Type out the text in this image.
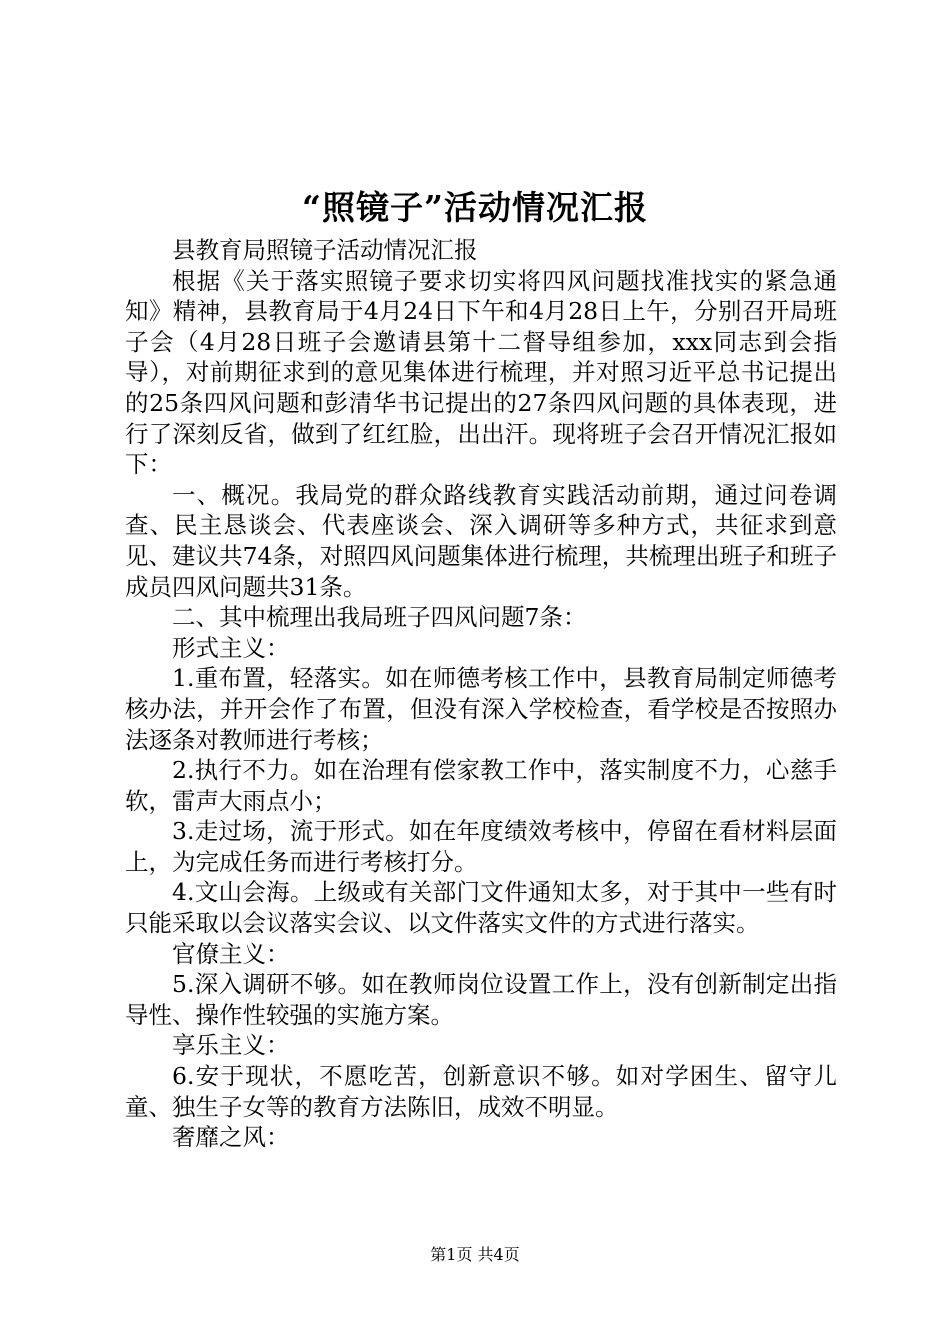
“照镜子”活动情况汇报

县教育局照镜子活动情况汇报

根据《关于落实照镜子要求切实将四风问题找准找实的紧急通知》精神，县教育局于4月24日下午和4月28日上午，分别召开局班子会（4月28日班子会邀请县第十二督导组参加，xxx同志到会指导），对前期征求到的意见集体进行梳理，并对照习近平总书记提出的25条四风问题和彭清华书记提出的27条四风问题的具体表现，进行了深刻反省，做到了红红脸，出出汗。现将班子会召开情况汇报如下：

一、概况。我局党的群众路线教育实践活动前期，通过问卷调查、民主恳谈会、代表座谈会、深入调研等多种方式，共征求到意见、建议共74条，对照四风问题集体进行梳理，共梳理出班子和班子成员四风问题共31条。

二、其中梳理出我局班子四风问题7条：

形式主义：

1.重布置，轻落实。如在师德考核工作中，县教育局制定师德考核办法，并开会作了布置，但没有深入学校检查，看学校是否按照办法逐条对教师进行考核；

2.执行不力。如在治理有偿家教工作中，落实制度不力，心慈手软，雷声大雨点小；

3.走过场，流于形式。如在年度绩效考核中，停留在看材料层面上，为完成任务而进行考核打分。

4.文山会海。上级或有关部门文件通知太多，对于其中一些有时只能采取以会议落实会议、以文件落实文件的方式进行落实。

官僚主义：

5.深入调研不够。如在教师岗位设置工作上，没有创新制定出指导性、操作性较强的实施方案。

享乐主义：

6.安于现状，不愿吃苦，创新意识不够。如对学困生、留守儿童、独生子女等的教育方法陈旧，成效不明显。

奢靡之风：

第1页 共4页
